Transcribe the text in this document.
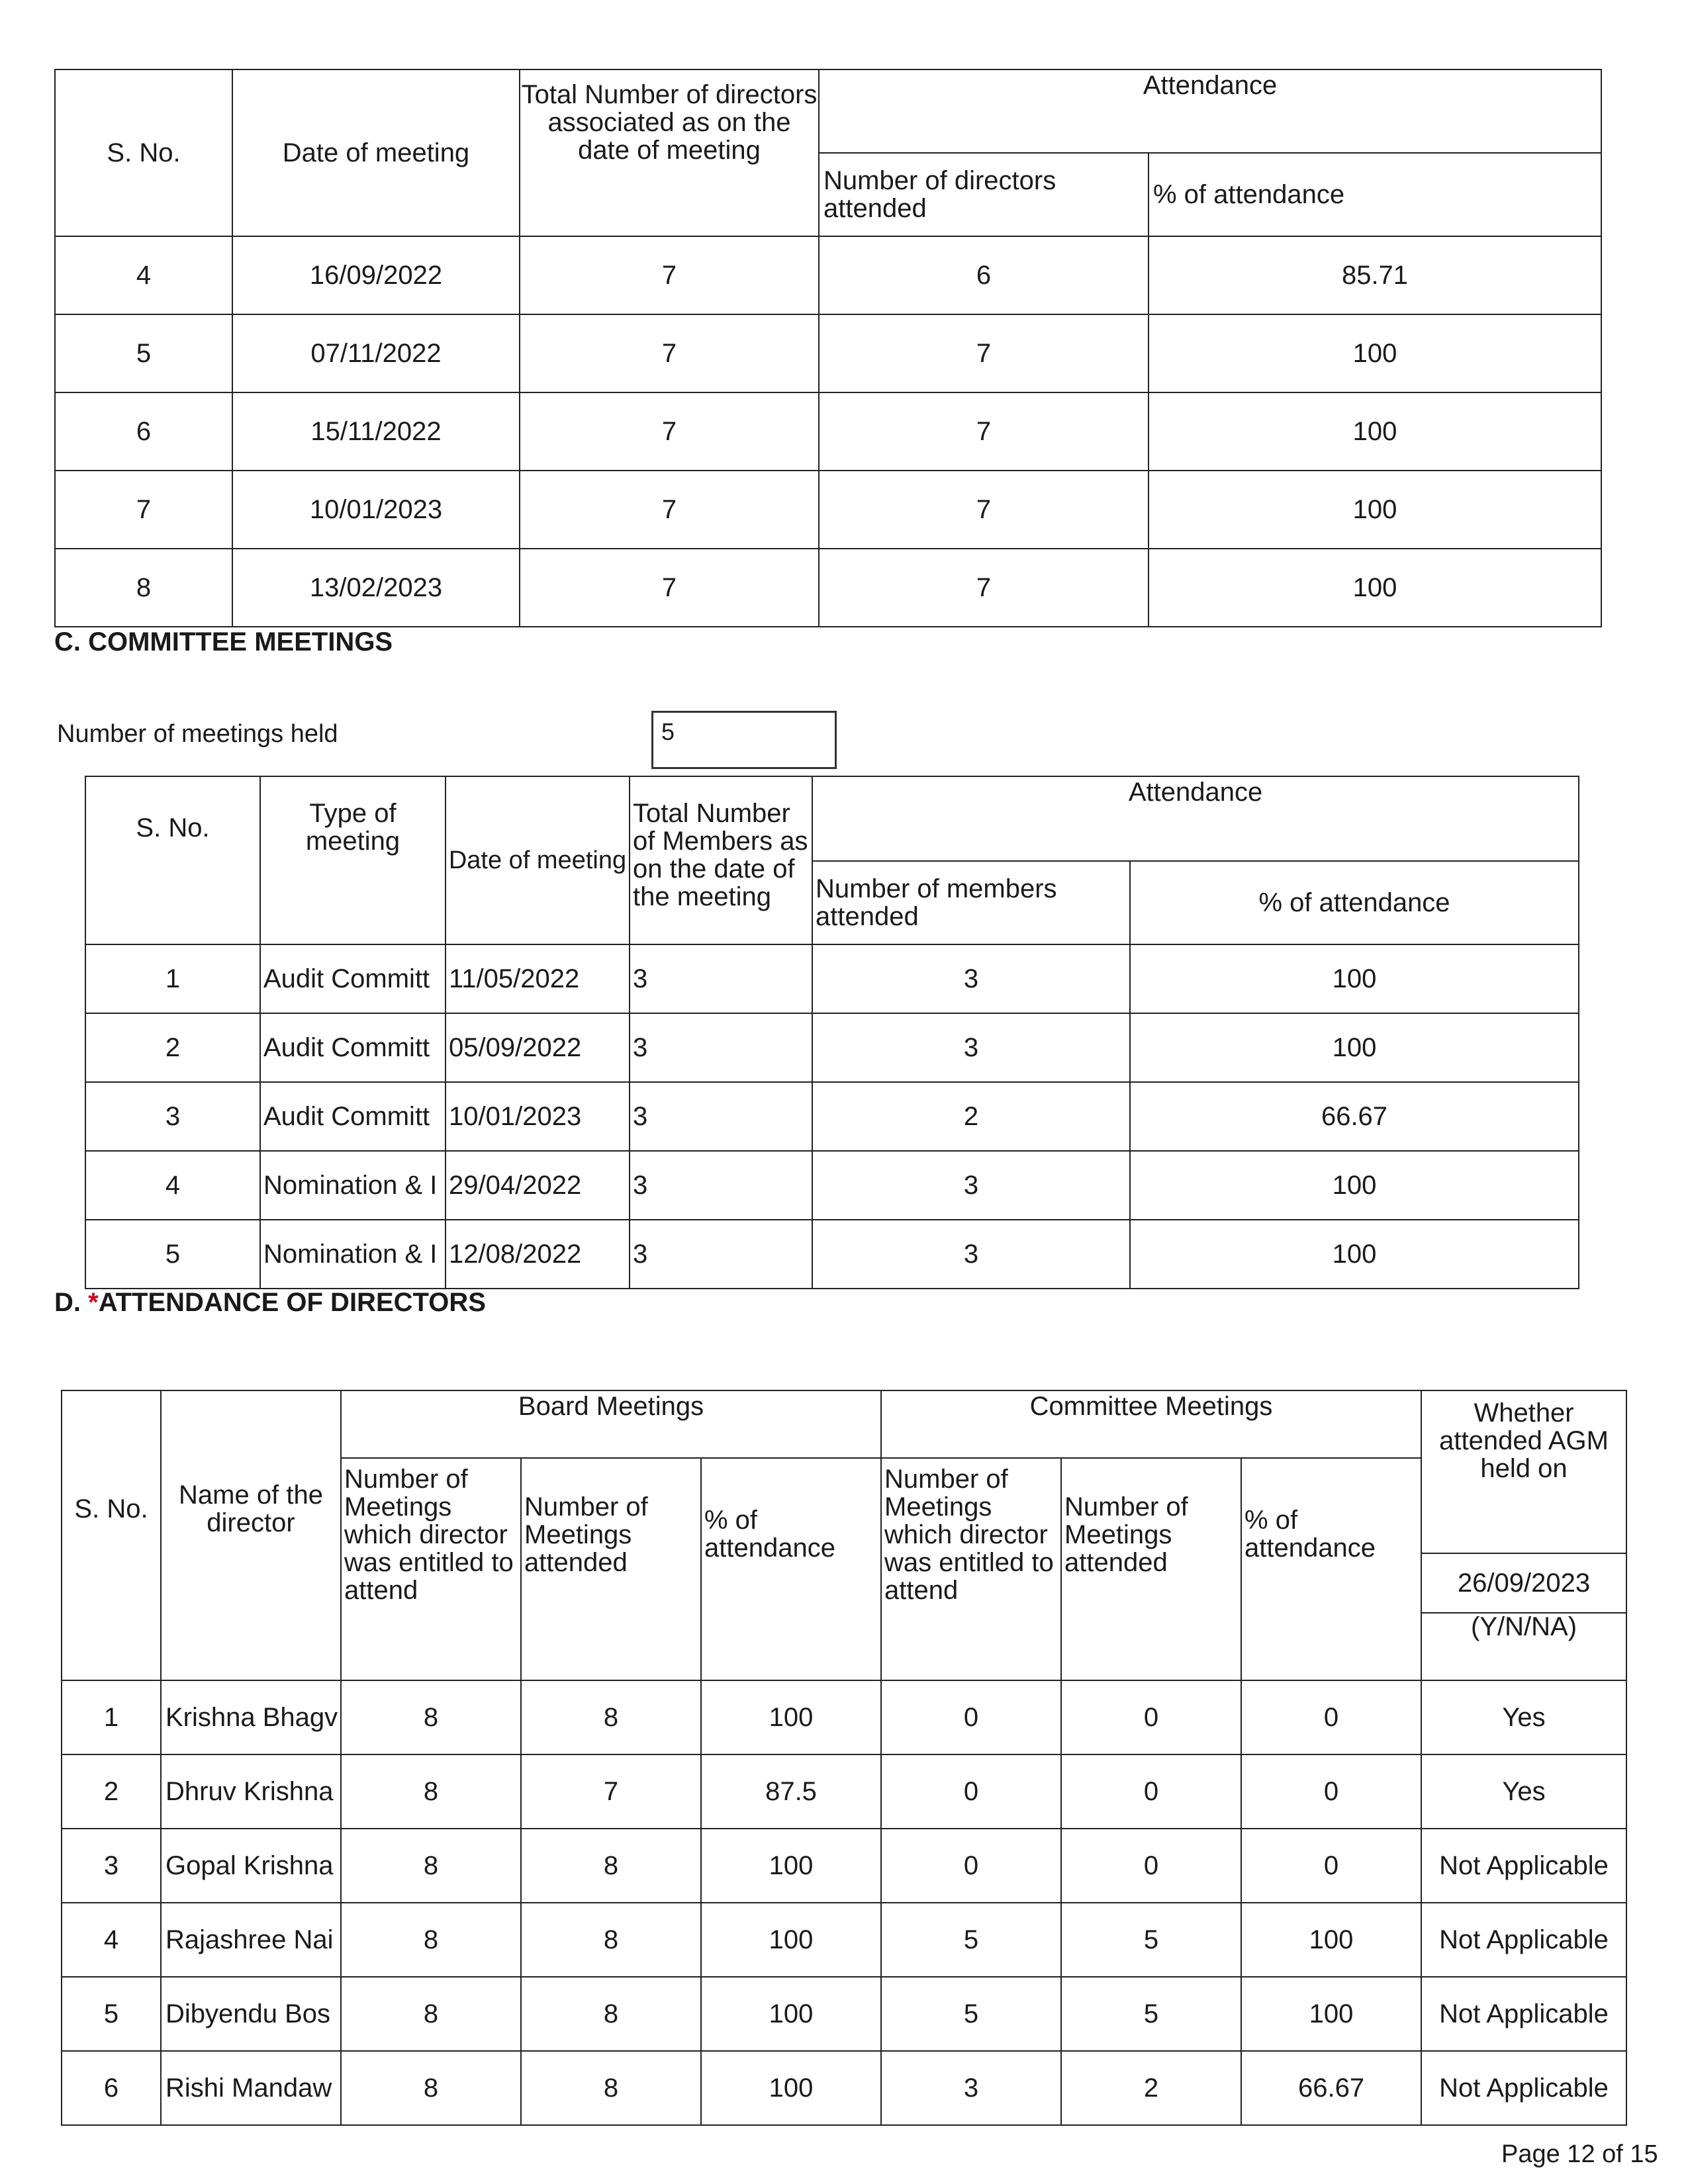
S. No.	Date of meeting	Total Number of directors associated as on the date of meeting	Attendance	
			Number of directors attended	% of attendance
4	16/09/2022	7	6	85.71
5	07/11/2022	7	7	100
6	15/11/2022	7	7	100
7	10/01/2023	7	7	100
8	13/02/2023	7	7	100
C. COMMITTEE MEETINGS
Number of meetings held	5
S. No.	Type of meeting	Date of meeting	Total Number of Members as on the date of the meeting	Attendance	
				Number of members attended	% of attendance
1	Audit Committ	11/05/2022	3	3	100
2	Audit Committ	05/09/2022	3	3	100
3	Audit Committ	10/01/2023	3	2	66.67
4	Nomination & I	29/04/2022	3	3	100
5	Nomination & I	12/08/2022	3	3	100
D. *ATTENDANCE OF DIRECTORS
S. No.	Name of the director	Board Meetings			Committee Meetings			Whether attended AGM held on
		Number of Meetings which director was entitled to attend	Number of Meetings attended	% of attendance	Number of Meetings which director was entitled to attend	Number of Meetings attended	% of attendance	

								26/09/2023
(Y/N/NA)

1	Krishna Bhagv	8	8	100	0	0	0	Yes
2	Dhruv Krishna	8	7	87.5	0	0	0	Yes
3	Gopal Krishna	8	8	100	0	0	0	Not Applicable
4	Rajashree Nai	8	8	100	5	5	100	Not Applicable
5	Dibyendu Bos	8	8	100	5	5	100	Not Applicable
6	Rishi Mandaw	8	8	100	3	2	66.67	Not Applicable
Page 12 of 15
